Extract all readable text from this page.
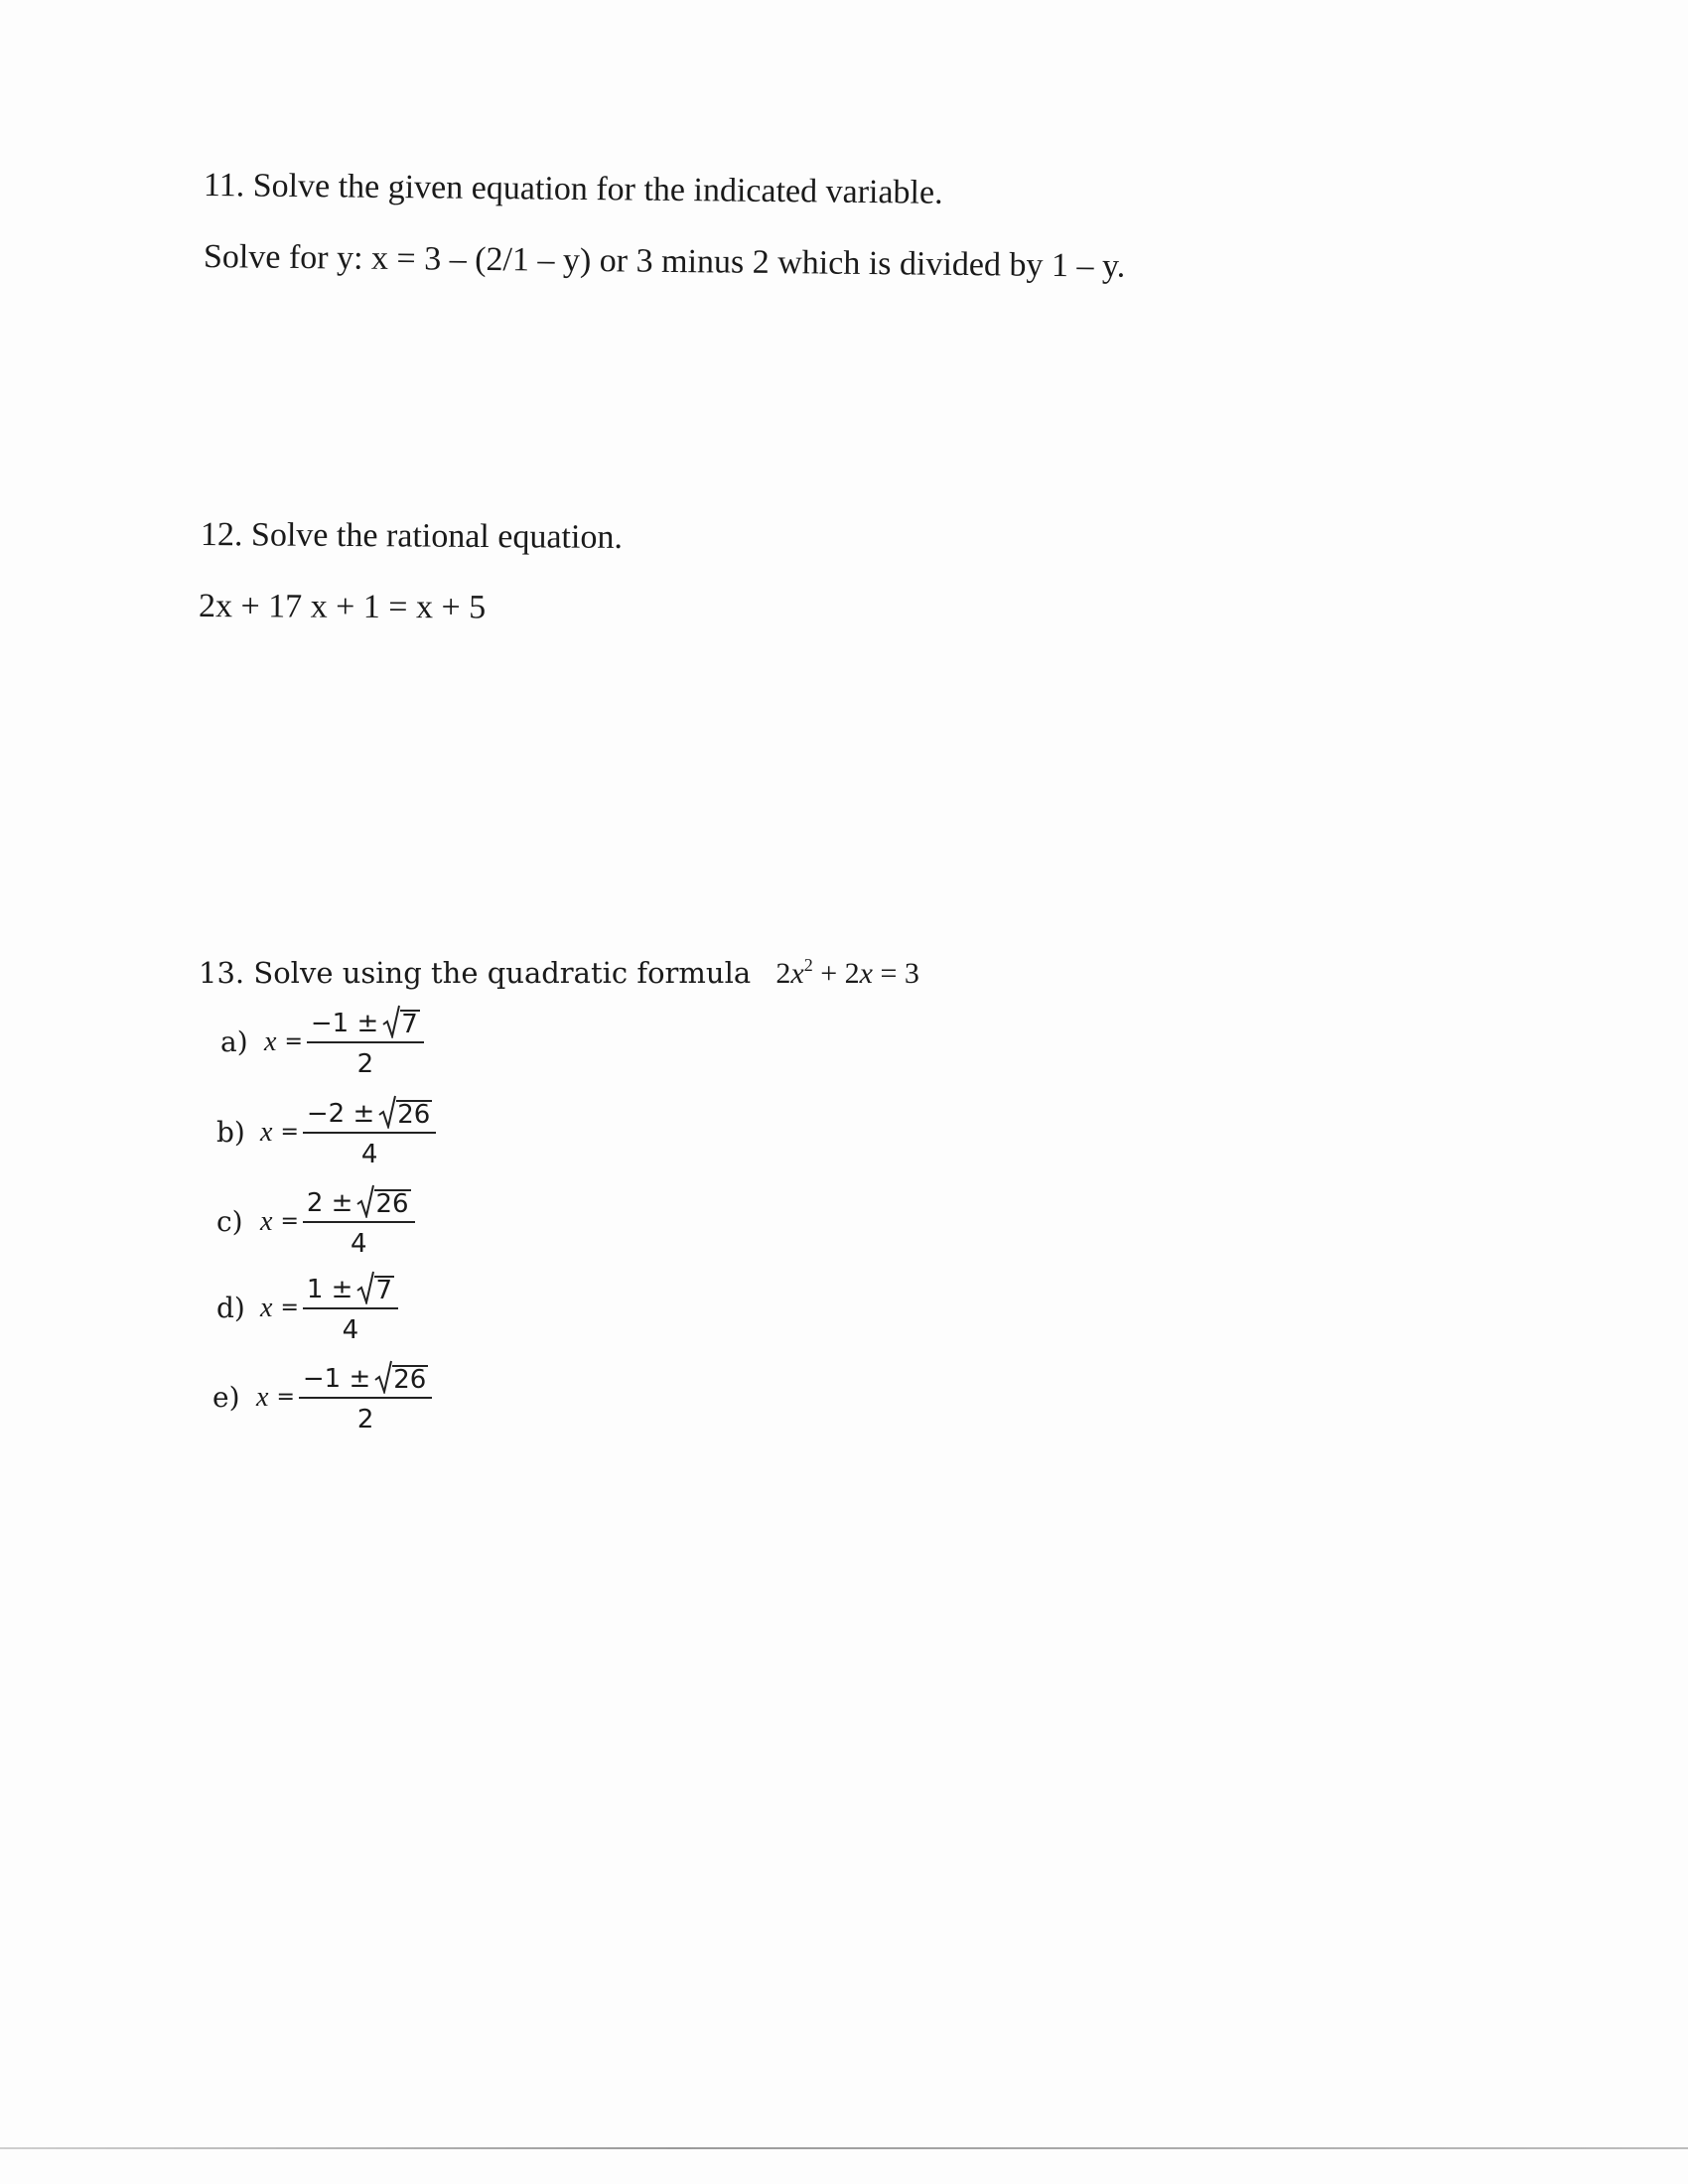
11. Solve the given equation for the indicated variable.
Solve for y: x = 3 – (2/1 – y) or 3 minus 2 which is divided by 1 – y.
12. Solve the rational equation.
2x + 17 x + 1 = x + 5
13. Solve using the quadratic formula $2x^2 + 2x = 3$
a) $x = \frac{-1 \pm 7}{2}$
b) $x = \frac{-2 \pm 26}{4}$
c) $x = \frac{2 \pm 26}{4}$
d) $x = \frac{1 \pm 7}{4}$
e) $x = \frac{-1 \pm 26}{2}$
